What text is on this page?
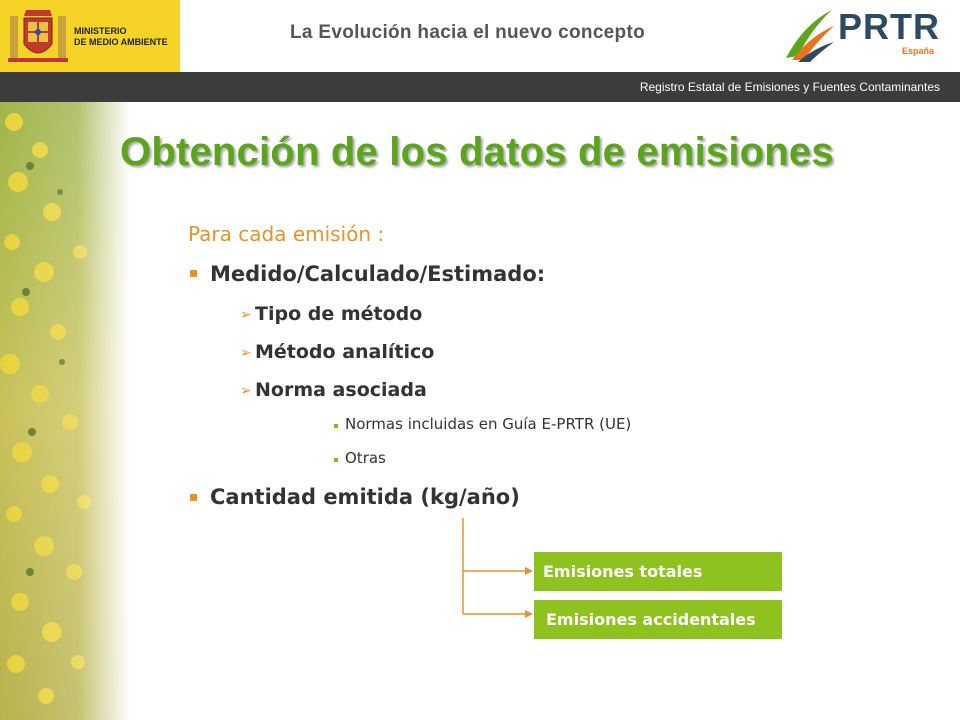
MINISTERIO
DE MEDIO AMBIENTE	La Evolución hacia el nuevo concepto	PRTR
España
Registro Estatal de Emisiones y Fuentes Contaminantes
Obtención de los datos de emisiones
Para cada emisión :
Medido/Calculado/Estimado:
➢ Tipo de método
➢ Método analítico
➢ Norma asociada
Normas incluidas en Guía E-PRTR (UE)
Otras
Cantidad emitida (kg/año)
Emisiones totales
Emisiones accidentales
